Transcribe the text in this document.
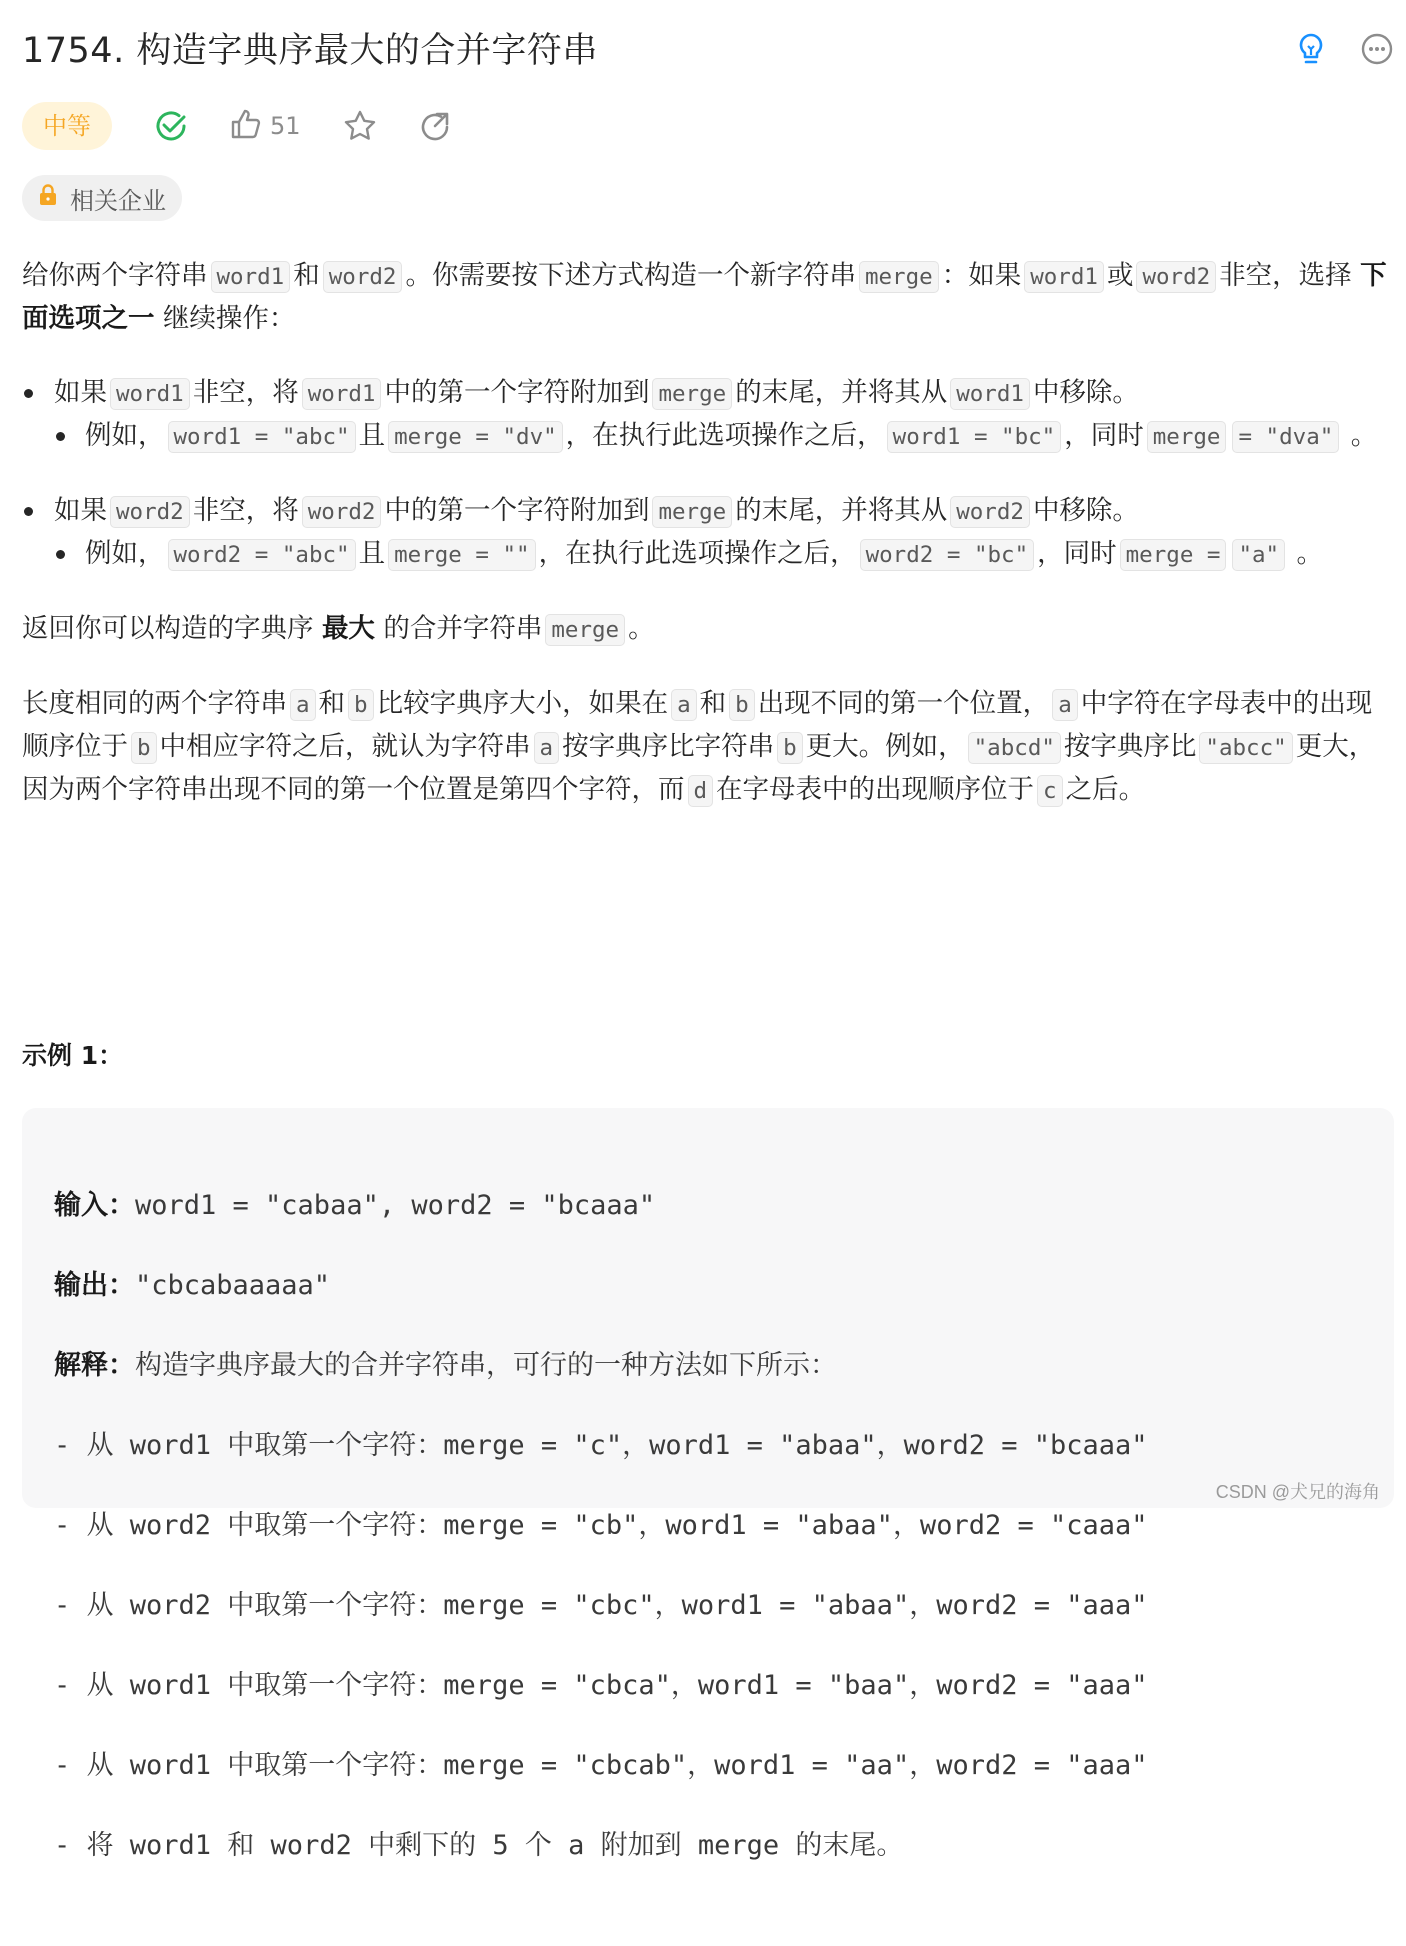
1754. 构造字典序最大的合并字符串
中等	51
相关企业

给你两个字符串 word1 和 word2 。你需要按下述方式构造一个新字符串 merge ：如果 word1 或 word2 非空，选择 下面选项之一 继续操作：

如果 word1 非空，将 word1 中的第一个字符附加到 merge 的末尾，并将其从 word1 中移除。
例如， word1 = "abc" 且 merge = "dv" ，在执行此选项操作之后， word1 = "bc" ，同时 merge = "dva" 。
如果 word2 非空，将 word2 中的第一个字符附加到 merge 的末尾，并将其从 word2 中移除。
例如， word2 = "abc" 且 merge = "" ，在执行此选项操作之后， word2 = "bc" ，同时 merge = "a" 。

返回你可以构造的字典序 最大 的合并字符串 merge 。

长度相同的两个字符串 a 和 b 比较字典序大小，如果在 a 和 b 出现不同的第一个位置， a 中字符在字母表中的出现顺序位于 b 中相应字符之后，就认为字符串 a 按字典序比字符串 b 更大。例如， "abcd" 按字典序比 "abcc" 更大，因为两个字符串出现不同的第一个位置是第四个字符，而 d 在字母表中的出现顺序位于 c 之后。

示例 1：

输入：word1 = "cabaa", word2 = "bcaaa"

输出："cbcabaaaaa"

解释：构造字典序最大的合并字符串，可行的一种方法如下所示：

- 从 word1 中取第一个字符：merge = "c"，word1 = "abaa"，word2 = "bcaaa"

- 从 word2 中取第一个字符：merge = "cb"，word1 = "abaa"，word2 = "caaa"

- 从 word2 中取第一个字符：merge = "cbc"，word1 = "abaa"，word2 = "aaa"

- 从 word1 中取第一个字符：merge = "cbca"，word1 = "baa"，word2 = "aaa"

- 从 word1 中取第一个字符：merge = "cbcab"，word1 = "aa"，word2 = "aaa"

- 将 word1 和 word2 中剩下的 5 个 a 附加到 merge 的末尾。

CSDN @犬兄的海角
